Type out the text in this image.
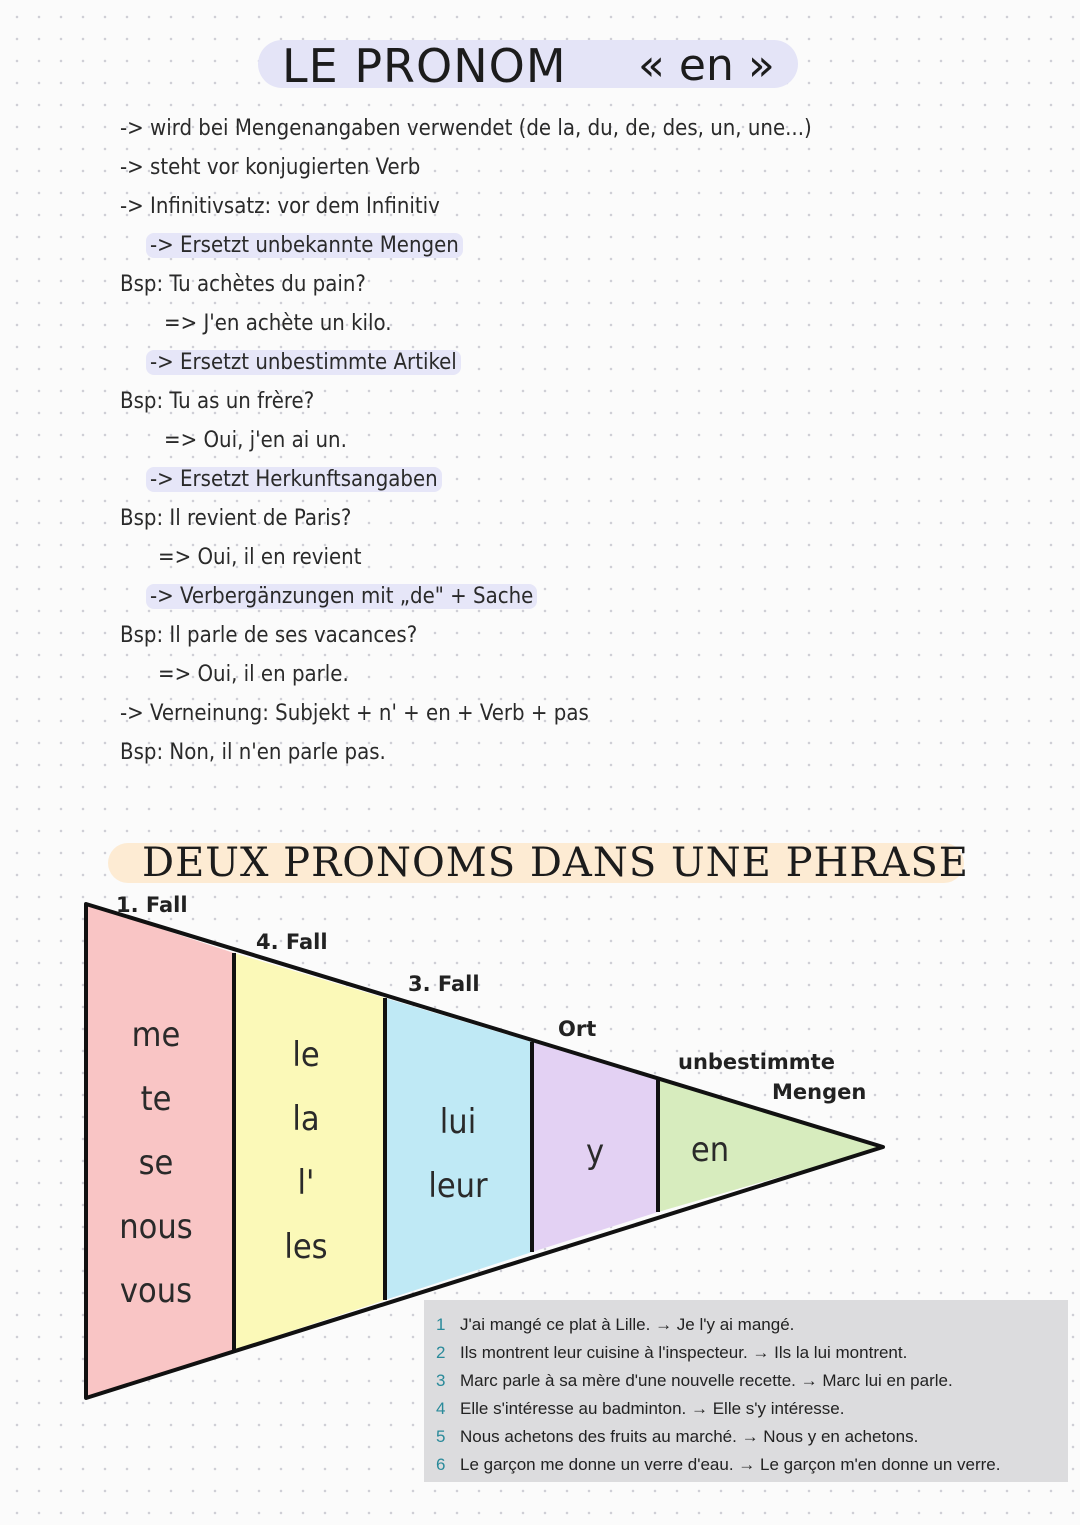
LE PRONOM « en »
-> wird bei Mengenangaben verwendet (de la, du, de, des, un, une...)
-> steht vor konjugierten Verb
-> Infinitivsatz: vor dem Infinitiv
-> Ersetzt unbekannte Mengen
Bsp: Tu achètes du pain?
=> J'en achète un kilo.
-> Ersetzt unbestimmte Artikel
Bsp: Tu as un frère?
=> Oui, j'en ai un.
-> Ersetzt Herkunftsangaben
Bsp: Il revient de Paris?
=> Oui, il en revient
-> Verbergänzungen mit „de" + Sache
Bsp: Il parle de ses vacances?
=> Oui, il en parle.
-> Verneinung: Subjekt + n' + en + Verb + pas
Bsp: Non, il n'en parle pas.
DEUX PRONOMS DANS UNE PHRASE
1. Fall
4. Fall
3. Fall
Ort
unbestimmte
Mengen
me
te
se
nous
vous
le
la
l'
les
lui
leur
y	en
1 J'ai mangé ce plat à Lille. → Je l'y ai mangé.
2 Ils montrent leur cuisine à l'inspecteur. → Ils la lui montrent.
3 Marc parle à sa mère d'une nouvelle recette. → Marc lui en parle.
4 Elle s'intéresse au badminton. → Elle s'y intéresse.
5 Nous achetons des fruits au marché. → Nous y en achetons.
6 Le garçon me donne un verre d'eau. → Le garçon m'en donne un verre.
